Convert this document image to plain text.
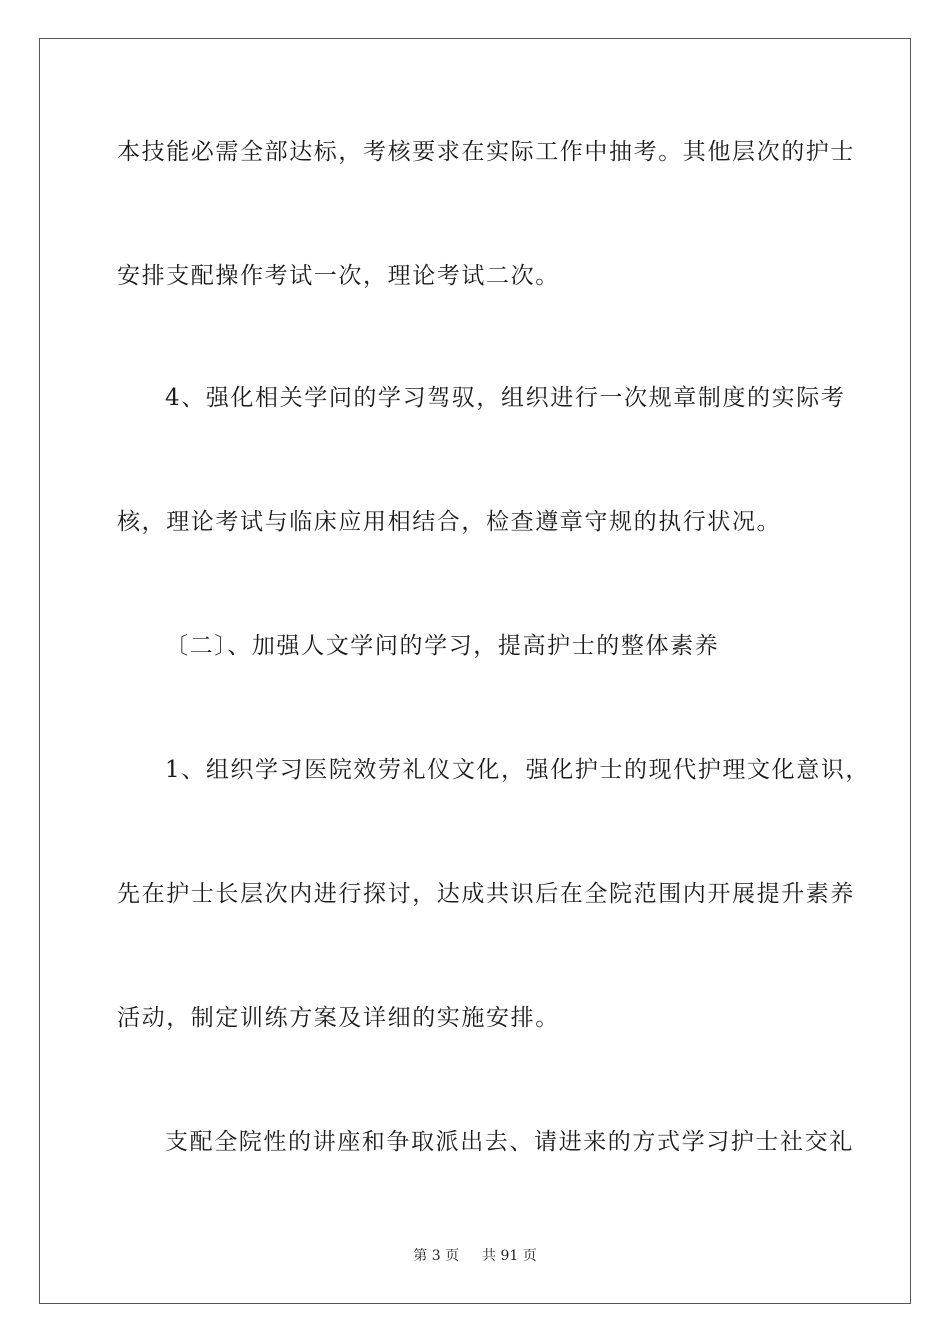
本技能必需全部达标，考核要求在实际工作中抽考。其他层次的护士
安排支配操作考试一次，理论考试二次。
4、强化相关学问的学习驾驭，组织进行一次规章制度的实际考
核，理论考试与临床应用相结合，检查遵章守规的执行状况。
〔二〕、加强人文学问的学习，提高护士的整体素养
1、组织学习医院效劳礼仪文化，强化护士的现代护理文化意识，
先在护士长层次内进行探讨，达成共识后在全院范围内开展提升素养
活动，制定训练方案及详细的实施安排。
支配全院性的讲座和争取派出去、请进来的方式学习护士社交礼
第 3 页 共 91 页
